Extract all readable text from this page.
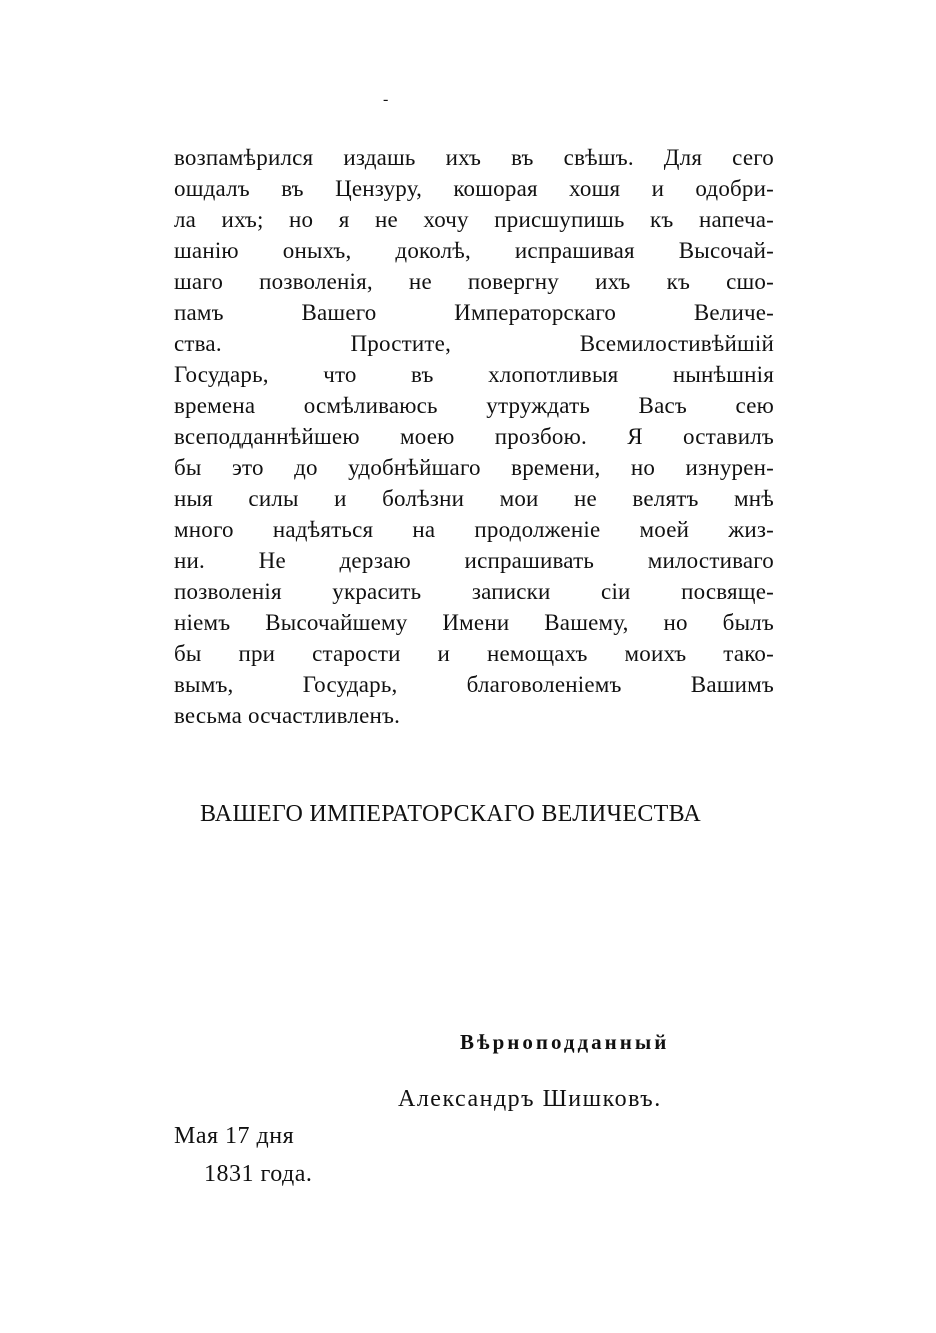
-
возпамѣрился издашь ихъ въ свѣшъ. Для сего
ошдалъ въ Цензуру, кошорая хошя и одобри-
ла ихъ; но я не хочу присшупишь къ напеча-
шанію оныхъ, доколѣ, испрашивая Высочай-
шаго позволенія, не повергну ихъ къ сшо-
памъ Вашего Императорскаго Величе-
ства. Простите, Всемилостивѣйшій
Государь, что въ хлопотливыя нынѣшнія
времена осмѣливаюсь утруждать Васъ сею
всеподданнѣйшею моею прозбою. Я оставилъ
бы это до удобнѣйшаго времени, но изнурен-
ныя силы и болѣзни мои не велятъ мнѣ
много надѣяться на продолженіе моей жиз-
ни. Не дерзаю испрашивать милостиваго
позволенія украсить записки сіи посвяще-
ніемъ Высочайшему Имени Вашему, но былъ
бы при старости и немощахъ моихъ тако-
вымъ, Государь, благоволеніемъ Вашимъ
весьма осчастливленъ.
ВАШЕГО ИМПЕРАТОРСКАГО ВЕЛИЧЕСТВА
Вѣрноподданный
Александръ Шишковъ.
Мая 17 дня
1831 года.
